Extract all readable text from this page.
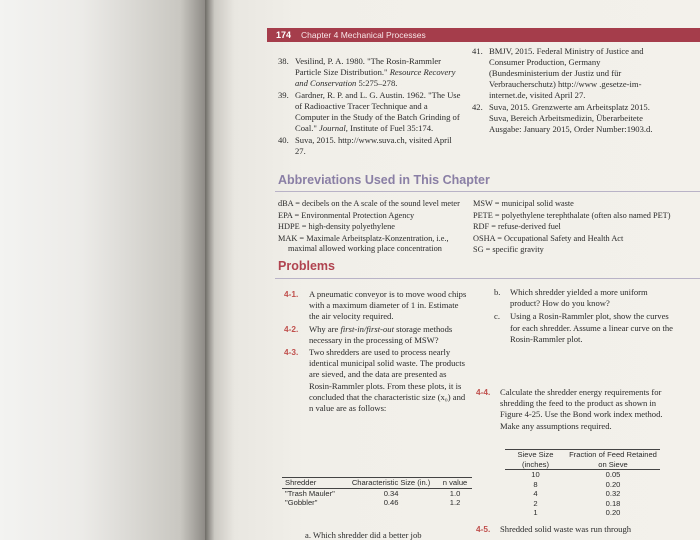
174 Chapter 4 Mechanical Processes
38. Vesilind, P. A. 1980. "The Rosin-Rammler Particle Size Distribution." Resource Recovery and Conservation 5:275–278.
39. Gardner, R. P. and L. G. Austin. 1962. "The Use of Radioactive Tracer Technique and a Computer in the Study of the Batch Grinding of Coal." Journal, Institute of Fuel 35:174.
40. Suva, 2015. http://www.suva.ch, visited April 27.
41. BMJV, 2015. Federal Ministry of Justice and Consumer Production, Germany (Bundesministerium der Justiz und für Verbraucherschutz) http://www .gesetze-im-internet.de, visited April 27.
42. Suva, 2015. Grenzwerte am Arbeitsplatz 2015. Suva, Bereich Arbeitsmedizin, Überarbeitete Ausgabe: January 2015, Order Number:1903.d.
Abbreviations Used in This Chapter
dBA = decibels on the A scale of the sound level meter
EPA = Environmental Protection Agency
HDPE = high-density polyethylene
MAK = Maximale Arbeitsplatz-Konzentration, i.e., maximal allowed working place concentration
MSW = municipal solid waste
PETE = polyethylene terephthalate (often also named PET)
RDF = refuse-derived fuel
OSHA = Occupational Safety and Health Act
SG = specific gravity
Problems
4-1. A pneumatic conveyor is to move wood chips with a maximum diameter of 1 in. Estimate the air velocity required.
4-2. Why are first-in/first-out storage methods necessary in the processing of MSW?
4-3. Two shredders are used to process nearly identical municipal solid waste. The products are sieved, and the data are presented as Rosin-Rammler plots. From these plots, it is concluded that the characteristic size (x₀) and n value are as follows:
Shredder	Characteristic Size (in.)	n value
"Trash Mauler"	0.34	1.0
"Gobbler"	0.46	1.2
a. Which shredder did a better job
b. Which shredder yielded a more uniform product? How do you know?
c. Using a Rosin-Rammler plot, show the curves for each shredder. Assume a linear curve on the Rosin-Rammler plot.
4-4. Calculate the shredder energy requirements for shredding the feed to the product as shown in Figure 4-25. Use the Bond work index method. Make any assumptions required.
Sieve Size (inches)	Fraction of Feed Retained on Sieve
10	0.05
8	0.20
4	0.32
2	0.18
1	0.20
4-5. Shredded solid waste was run through
